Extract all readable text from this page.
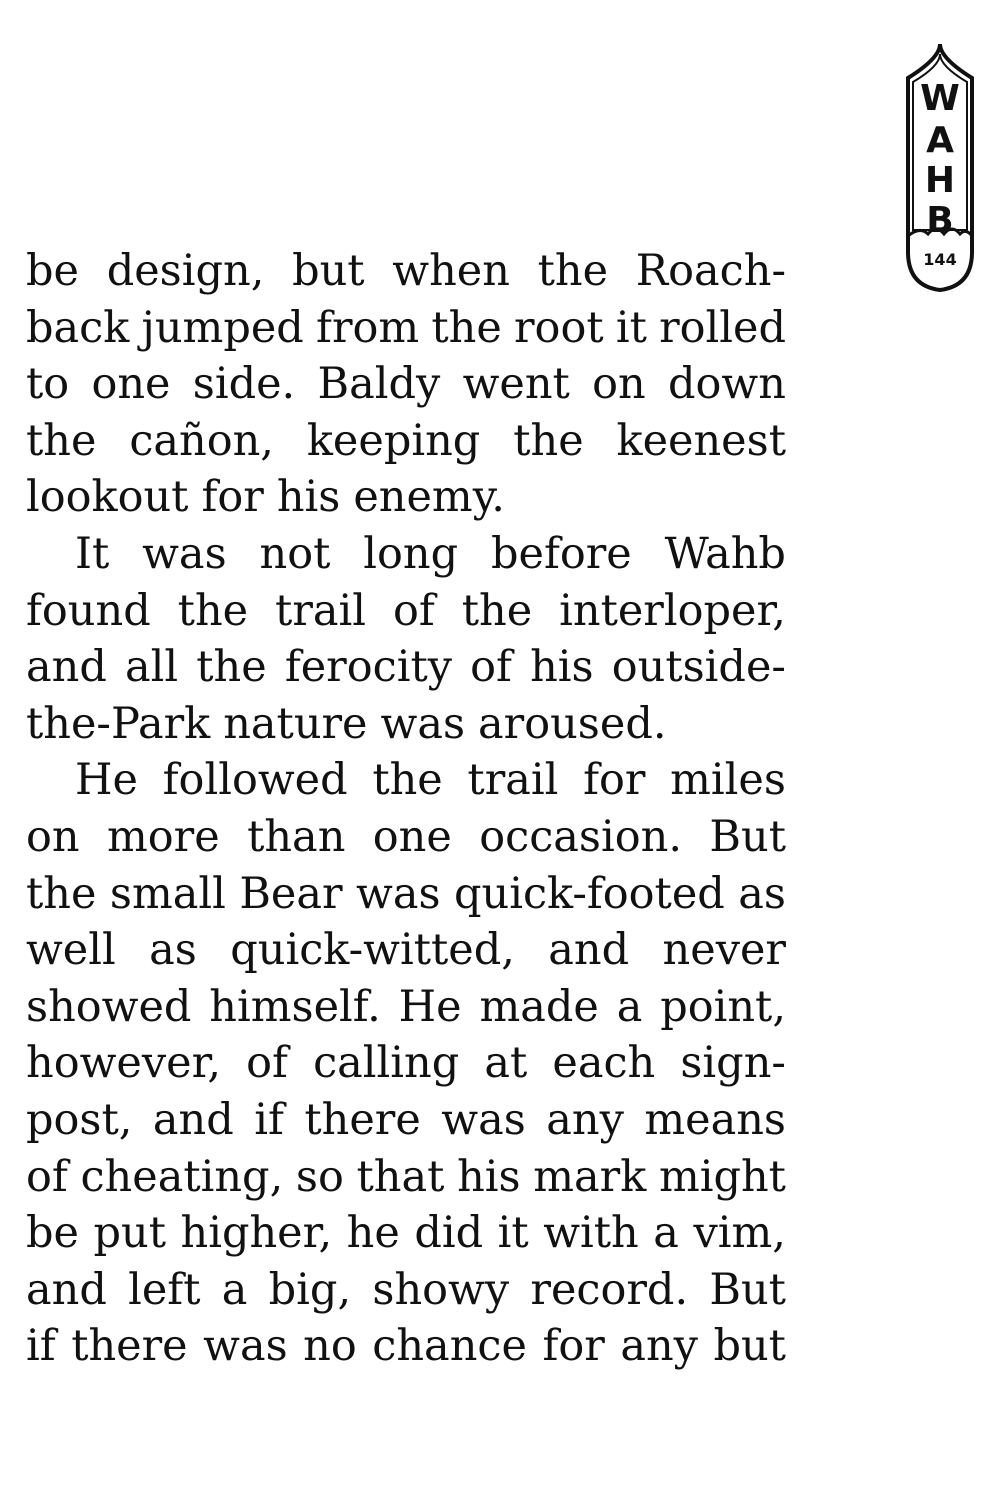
W
A
H
B
144
be design, but when the Roach-
back jumped from the root it rolled
to one side. Baldy went on down
the cañon, keeping the keenest
lookout for his enemy.
It was not long before Wahb
found the trail of the interloper,
and all the ferocity of his outside-
the-Park nature was aroused.
He followed the trail for miles
on more than one occasion. But
the small Bear was quick-footed as
well as quick-witted, and never
showed himself. He made a point,
however, of calling at each sign-
post, and if there was any means
of cheating, so that his mark might
be put higher, he did it with a vim,
and left a big, showy record. But
if there was no chance for any but
